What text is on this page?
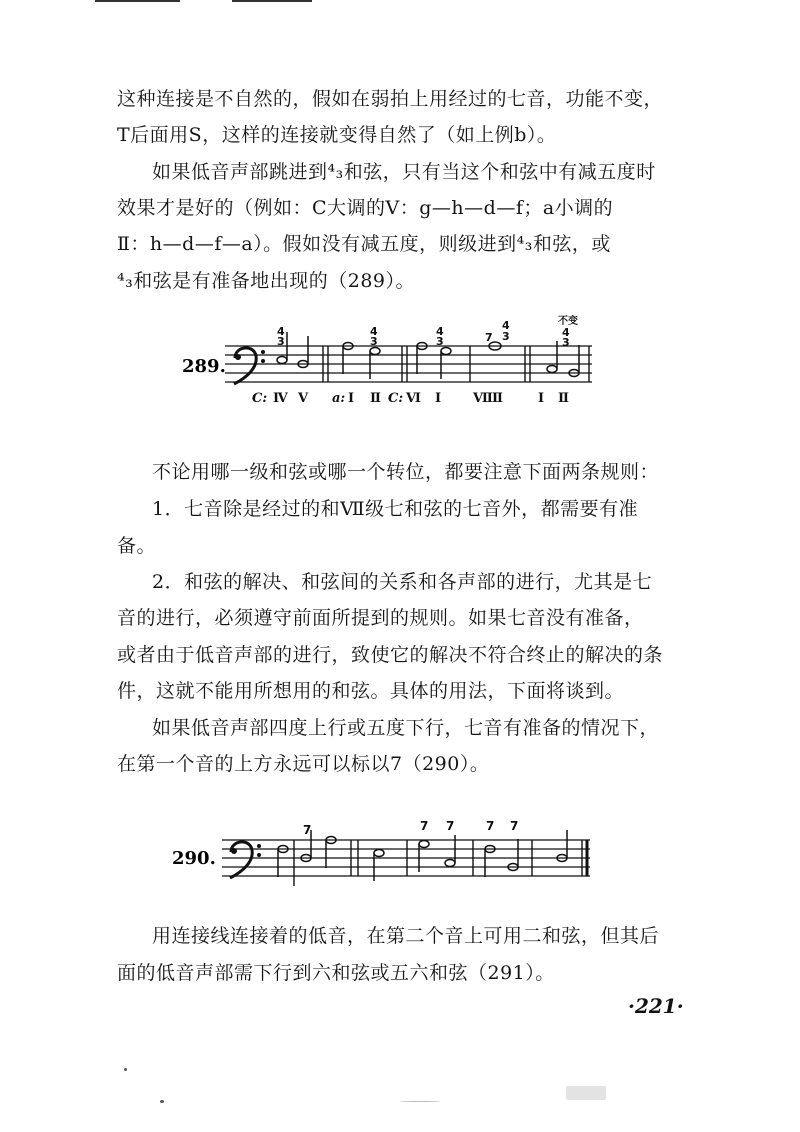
这种连接是不自然的，假如在弱拍上用经过的七音，功能不变，
T后面用S，这样的连接就变得自然了（如上例b）。
如果低音声部跳进到⁴₃和弦，只有当这个和弦中有减五度时
效果才是好的（例如：C大调的Ⅴ：g—h—d—f；a小调的
Ⅱ：h—d—f—a）。假如没有减五度，则级进到⁴₃和弦，或
⁴₃和弦是有准备地出现的（289）。
289.
4
3
4
3
4
3	7
4
3
不变
4
3
C: Ⅳ Ⅴ a: Ⅰ Ⅱ C: Ⅵ Ⅰ Ⅶ Ⅱ	Ⅰ Ⅱ
不论用哪一级和弦或哪一个转位，都要注意下面两条规则：
1．七音除是经过的和Ⅶ级七和弦的七音外，都需要有准
备。
2．和弦的解决、和弦间的关系和各声部的进行，尤其是七
音的进行，必须遵守前面所提到的规则。如果七音没有准备，
或者由于低音声部的进行，致使它的解决不符合终止的解决的条
件，这就不能用所想用的和弦。具体的用法，下面将谈到。
如果低音声部四度上行或五度下行，七音有准备的情况下，
在第一个音的上方永远可以标以7（290）。
290.
7	7 7	7 7
用连接线连接着的低音，在第二个音上可用二和弦，但其后
面的低音声部需下行到六和弦或五六和弦（291）。
·221·
